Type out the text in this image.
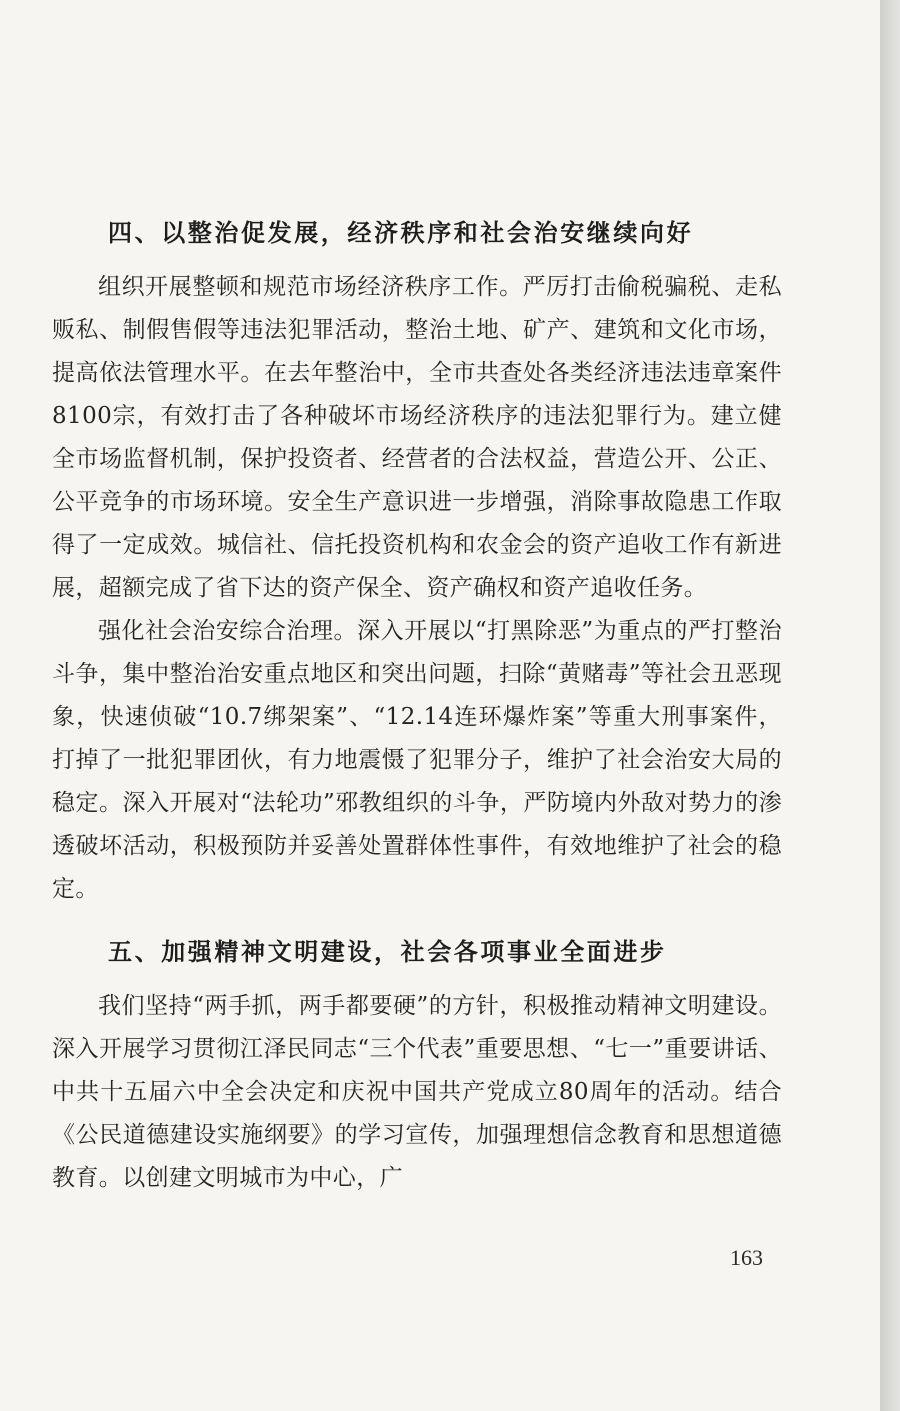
四、以整治促发展，经济秩序和社会治安继续向好

组织开展整顿和规范市场经济秩序工作。严厉打击偷税骗税、走私贩私、制假售假等违法犯罪活动，整治土地、矿产、建筑和文化市场，提高依法管理水平。在去年整治中，全市共查处各类经济违法违章案件8100宗，有效打击了各种破坏市场经济秩序的违法犯罪行为。建立健全市场监督机制，保护投资者、经营者的合法权益，营造公开、公正、公平竞争的市场环境。安全生产意识进一步增强，消除事故隐患工作取得了一定成效。城信社、信托投资机构和农金会的资产追收工作有新进展，超额完成了省下达的资产保全、资产确权和资产追收任务。

强化社会治安综合治理。深入开展以“打黑除恶”为重点的严打整治斗争，集中整治治安重点地区和突出问题，扫除“黄赌毒”等社会丑恶现象，快速侦破“10.7绑架案”、“12.14连环爆炸案”等重大刑事案件，打掉了一批犯罪团伙，有力地震慑了犯罪分子，维护了社会治安大局的稳定。深入开展对“法轮功”邪教组织的斗争，严防境内外敌对势力的渗透破坏活动，积极预防并妥善处置群体性事件，有效地维护了社会的稳定。

五、加强精神文明建设，社会各项事业全面进步

我们坚持“两手抓，两手都要硬”的方针，积极推动精神文明建设。深入开展学习贯彻江泽民同志“三个代表”重要思想、“七一”重要讲话、中共十五届六中全会决定和庆祝中国共产党成立80周年的活动。结合《公民道德建设实施纲要》的学习宣传，加强理想信念教育和思想道德教育。以创建文明城市为中心，广

163
